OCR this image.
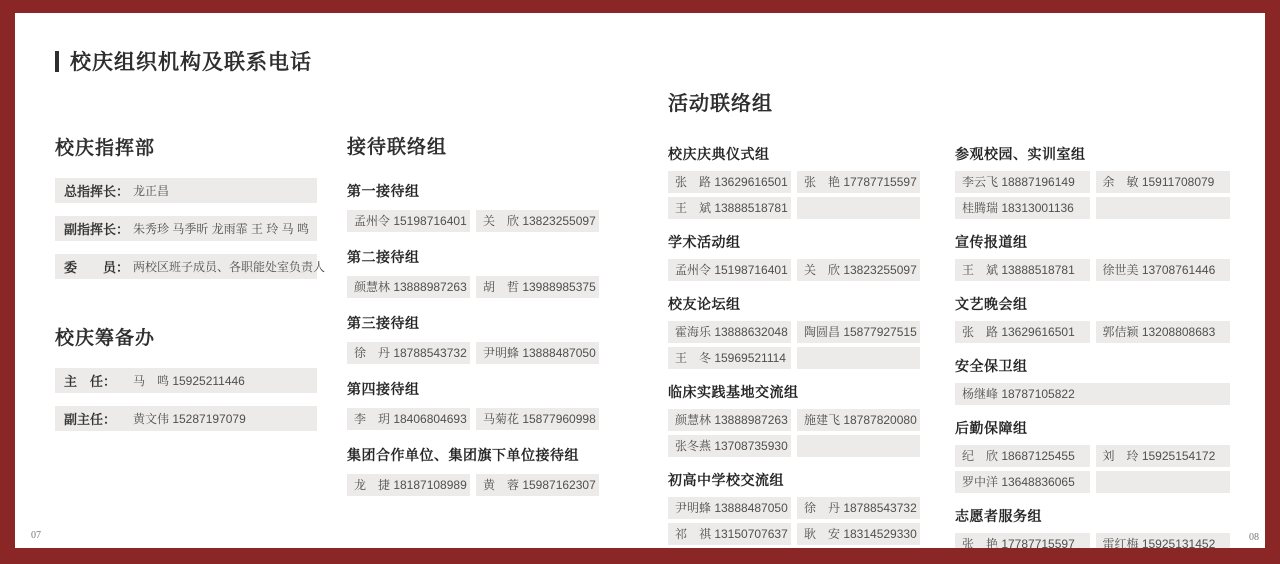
校庆组织机构及联系电话
校庆指挥部
总指挥长： 龙正昌
副指挥长： 朱秀珍 马季昕 龙雨霏 王 玲 马 鸣
委　　员： 两校区班子成员、各职能处室负责人
校庆筹备办
主　任：	马　鸣 15925211446
副主任：	黄文伟 15287197079
接待联络组
第一接待组
孟州令 15198716401	关　欣 13823255097
第二接待组
颜慧林 13888987263	胡　哲 13988985375
第三接待组
徐　丹 18788543732	尹明蜂 13888487050
第四接待组
李　玥 18406804693	马菊花 15877960998
集团合作单位、集团旗下单位接待组
龙　捷 18187108989	黄　蓉 15987162307
活动联络组
校庆庆典仪式组
张　路 13629616501	张　艳 17787715597
王　斌 13888518781
学术活动组
孟州令 15198716401	关　欣 13823255097
校友论坛组
霍海乐 13888632048	陶圆昌 15877927515
王　冬 15969521114
临床实践基地交流组
颜慧林 13888987263	施建飞 18787820080
张冬燕 13708735930
初高中学校交流组
尹明蜂 13888487050	徐　丹 18788543732
祁　祺 13150707637	耿　安 18314529330
参观校园、实训室组
李云飞 18887196149	余　敏 15911708079
桂腾瑞 18313001136
宣传报道组
王　斌 13888518781	徐世美 13708761446
文艺晚会组
张　路 13629616501	郭佶颖 13208808683
安全保卫组
杨继峰 18787105822
后勤保障组
纪　欣 18687125455	刘　玲 15925154172
罗中洋 13648836065
志愿者服务组
张　艳 17787715597	雷红梅 15925131452
07	08
